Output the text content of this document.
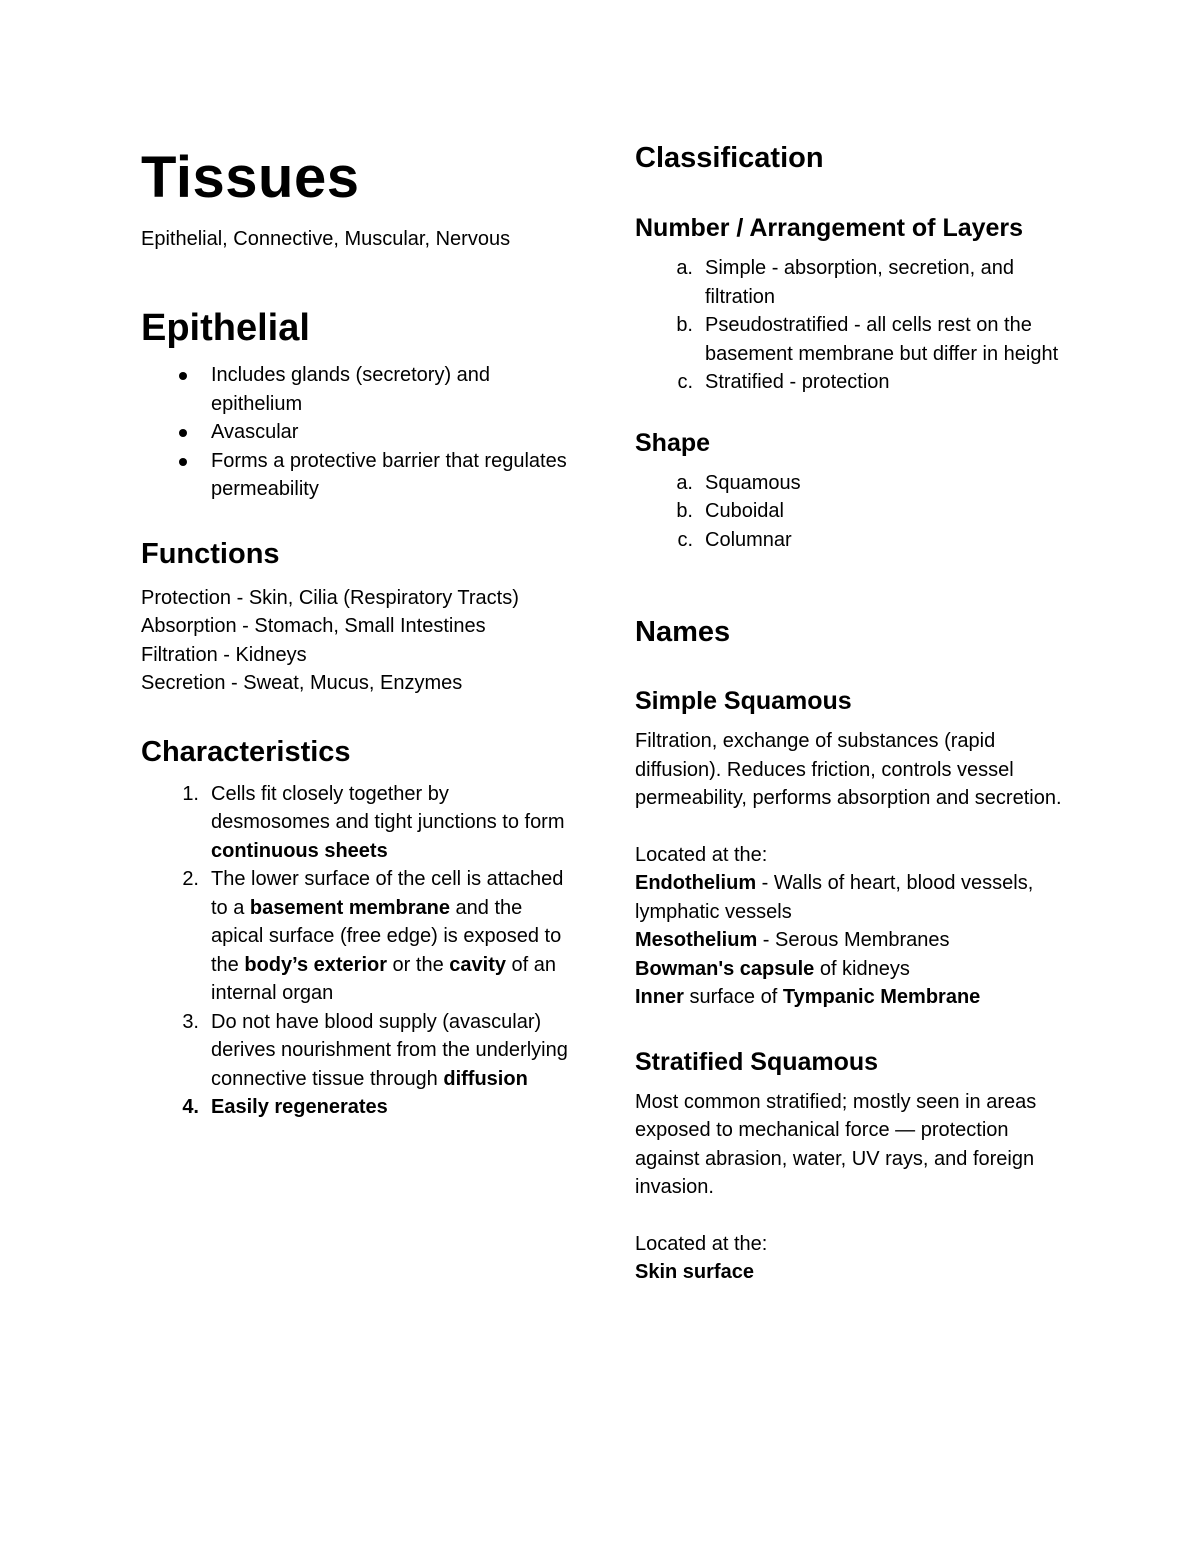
Tissues

Epithelial, Connective, Muscular, Nervous

Epithelial
Includes glands (secretory) and epithelium
Avascular
Forms a protective barrier that regulates permeability
Functions

Protection - Skin, Cilia (Respiratory Tracts)
Absorption - Stomach, Small Intestines
Filtration - Kidneys
Secretion - Sweat, Mucus, Enzymes

Characteristics
1. Cells fit closely together by desmosomes and tight junctions to form continuous sheets
2. The lower surface of the cell is attached to a basement membrane and the apical surface (free edge) is exposed to the body’s exterior or the cavity of an internal organ
3. Do not have blood supply (avascular) derives nourishment from the underlying connective tissue through diffusion
4. Easily regenerates
Classification
Number / Arrangement of Layers
a. Simple - absorption, secretion, and filtration
b. Pseudostratified - all cells rest on the basement membrane but differ in height
c. Stratified - protection
Shape
a. Squamous
b. Cuboidal
c. Columnar
Names
Simple Squamous

Filtration, exchange of substances (rapid diffusion). Reduces friction, controls vessel permeability, performs absorption and secretion.

Located at the:

Endothelium - Walls of heart, blood vessels, lymphatic vessels
Mesothelium - Serous Membranes
Bowman's capsule of kidneys
Inner surface of Tympanic Membrane

Stratified Squamous

Most common stratified; mostly seen in areas exposed to mechanical force — protection against abrasion, water, UV rays, and foreign invasion.

Located at the:

Skin surface
